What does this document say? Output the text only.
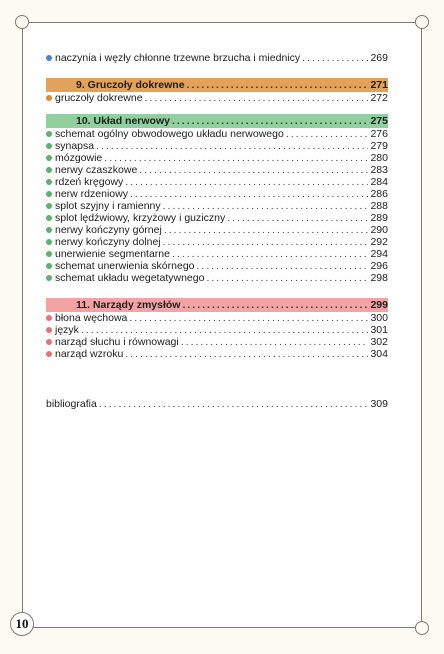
naczynia i węzły chłonne trzewne brzucha i miednicy .....	269
9. Gruczoły dokrewne .....	271
gruczoły dokrewne .....	272
10. Układ nerwowy .....	275
schemat ogólny obwodowego układu nerwowego .....	276
synapsa .....	279
mózgowie .....	280
nerwy czaszkowe .....	283
rdzeń kręgowy .....	284
nerw rdzeniowy .....	286
splot szyjny i ramienny .....	288
splot lędźwiowy, krzyżowy i guziczny .....	289
nerwy kończyny górnej .....	290
nerwy kończyny dolnej .....	292
unerwienie segmentarne .....	294
schemat unerwienia skórnego .....	296
schemat układu wegetatywnego .....	298
11. Narządy zmysłów .....	299
błona węchowa .....	300
język .....	301
narząd słuchu i równowagi .....	302
narząd wzroku .....	304
bibliografia .....	309
10
